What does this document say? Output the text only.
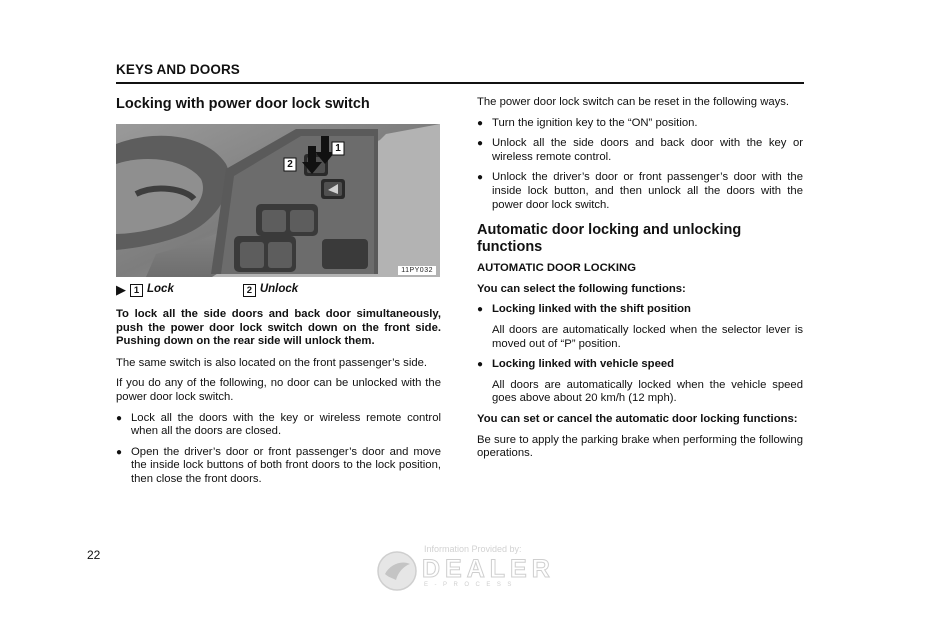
KEYS AND DOORS
Locking with power door lock switch
1
2
11PY032
▶ 1 Lock	2 Unlock

To lock all the side doors and back door simultaneously, push the power door lock switch down on the front side. Pushing down on the rear side will unlock them.

The same switch is also located on the front passenger’s side.

If you do any of the following, no door can be unlocked with the power door lock switch.

● Lock all the doors with the key or wireless remote control when all the doors are closed.
● Open the driver’s door or front passenger’s door and move the inside lock buttons of both front doors to the lock position, then close the front doors.

The power door lock switch can be reset in the following ways.

● Turn the ignition key to the “ON” position.
● Unlock all the side doors and back door with the key or wireless remote control.
● Unlock the driver’s door or front passenger’s door with the inside lock button, and then unlock all the doors with the power door lock switch.
Automatic door locking and unlocking functions

AUTOMATIC DOOR LOCKING

You can select the following functions:

● Locking linked with the shift position

All doors are automatically locked when the selector lever is moved out of “P” position.

● Locking linked with vehicle speed

All doors are automatically locked when the vehicle speed goes above about 20 km/h (12 mph).

You can set or cancel the automatic door locking functions:

Be sure to apply the parking brake when performing the following operations.

22	Information Provided by:
DEALER
E-PROCESS
